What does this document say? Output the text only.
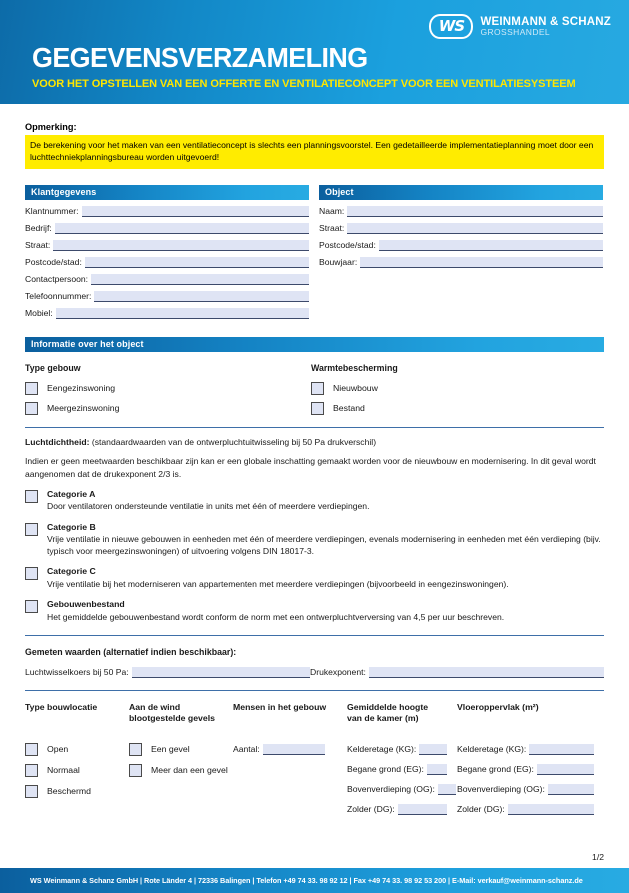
WS WEINMANN & SCHANZ
GROSSHANDEL
GEGEVENSVERZAMELING
VOOR HET OPSTELLEN VAN EEN OFFERTE EN VENTILATIECONCEPT VOOR EEN VENTILATIESYSTEEM
Opmerking:
De berekening voor het maken van een ventilatieconcept is slechts een planningsvoorstel. Een gedetailleerde implementatieplanning moet door een luchttechniekplanningsbureau worden uitgevoerd!
Klantgegevens
Klantnummer:
Bedrijf:
Straat:
Postcode/stad:
Contactpersoon:
Telefoonnummer:
Mobiel:
Object
Naam:
Straat:
Postcode/stad:
Bouwjaar:
Informatie over het object
Type gebouw
Eengezinswoning
Meergezinswoning
Warmtebescherming
Nieuwbouw
Bestand
Luchtdichtheid: (standaardwaarden van de ontwerpluchtuitwisseling bij 50 Pa drukverschil)
Indien er geen meetwaarden beschikbaar zijn kan er een globale inschatting gemaakt worden voor de nieuwbouw en modernisering. In dit geval wordt aangenomen dat de drukexponent 2/3 is.
Categorie A
Door ventilatoren ondersteunde ventilatie in units met één of meerdere verdiepingen.
Categorie B
Vrije ventilatie in nieuwe gebouwen in eenheden met één of meerdere verdiepingen, evenals modernisering in eenheden met één verdieping (bijv. typisch voor meergezinswoningen) of uitvoering volgens DIN 18017-3.
Categorie C
Vrije ventilatie bij het moderniseren van appartementen met meerdere verdiepingen (bijvoorbeeld in eengezinswoningen).
Gebouwenbestand
Het gemiddelde gebouwenbestand wordt conform de norm met een ontwerpluchtverversing van 4,5 per uur beschreven.
Gemeten waarden (alternatief indien beschikbaar):
Luchtwisselkoers bij 50 Pa:	Drukexponent:
Type bouwlocatie
Open
Normaal
Beschermd
Aan de wind
blootgestelde gevels
Een gevel
Meer dan een gevel
Mensen in het gebouw
Aantal:
Gemiddelde hoogte
van de kamer (m)
Kelderetage (KG):
Begane grond (EG):
Bovenverdieping (OG):
Zolder (DG):
Vloeroppervlak (m²)
Kelderetage (KG):
Begane grond (EG):
Bovenverdieping (OG):
Zolder (DG):
1/2
WS Weinmann & Schanz GmbH | Rote Länder 4 | 72336 Balingen | Telefon +49 74 33. 98 92 12 | Fax +49 74 33. 98 92 53 200 | E-Mail: verkauf@weinmann-schanz.de
